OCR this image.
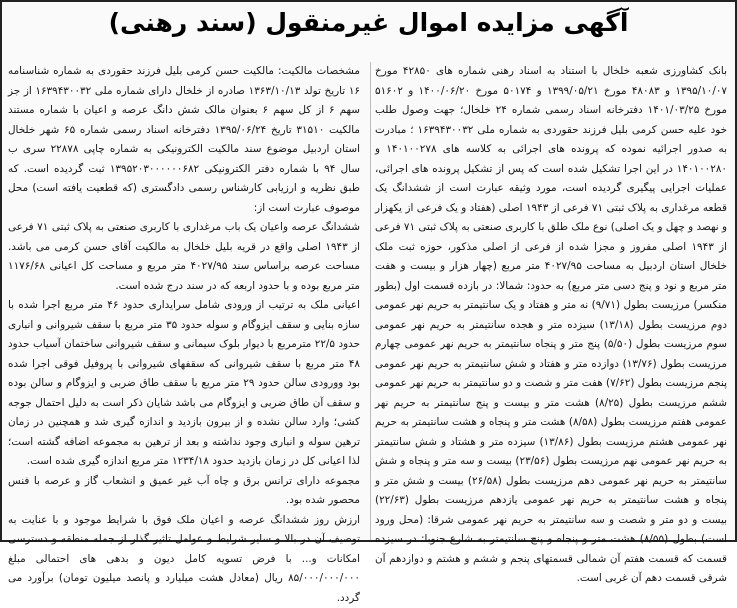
آگهی مزایده اموال غیرمنقول (سند رهنی)

بانک کشاورزی شعبه خلخال با استناد به اسناد رهنی شماره های ۴۲۸۵۰ مورخ ۱۳۹۵/۱۰/۰۷ و ۴۸۰۸۳ مورخ ۱۳۹۹/۰۵/۲۱ و ۵۰۱۷۴ مورخ ۱۴۰۰/۰۶/۲۰ و ۵۱۶۰۲ مورخ ۱۴۰۱/۰۳/۲۵ دفترخانه اسناد رسمی شماره ۲۴ خلخال؛ جهت وصول طلب خود علیه حسن کرمی بلیل فرزند حقوردی به شماره ملی ۱۶۳۹۴۳۰۰۳۲ ؛ مبادرت به صدور اجرائیه نموده که پرونده های اجرائی به کلاسه های ۱۴۰۱۰۰۲۷۸ و ۱۴۰۱۰۰۲۸۰ در این اجرا تشکیل شده است که پس از تشکیل پرونده های اجرائی، عملیات اجرایی پیگیری گردیده است، مورد وثیقه عبارت است از ششدانگ یک قطعه مرغداری به پلاک ثبتی ۷۱ فرعی از ۱۹۴۳ اصلی (هفتاد و یک فرعی از یکهزار و نهصد و چهل و یک اصلی) نوع ملک طلق با کاربری صنعتی به پلاک ثبتی ۷۱ فرعی از ۱۹۴۳ اصلی مفروز و مجزا شده از فرعی از اصلی مذکور، حوزه ثبت ملک خلخال استان اردبیل به مساحت ۴۰۲۷/۹۵ متر مربع (چهار هزار و بیست و هفت متر مربع و نود و پنج دسی متر مربع) به حدود: شمالا: در بازده قسمت اول (بطور منکسر) مرزیست بطول (۹/۷۱) نه متر و هفتاد و یک سانتیمتر به حریم نهر عمومی دوم مرزیست بطول (۱۳/۱۸) سیزده متر و هجده سانتیمتر به حریم نهر عمومی سوم مرزیست بطول (۵/۵۰) پنج متر و پنجاه سانتیمتر به حریم نهر عمومی چهارم مرزیست بطول (۱۳/۷۶) دوازده متر و هفتاد و شش سانتیمتر به حریم نهر عمومی پنجم مرزیست بطول (۷/۶۲) هفت متر و شصت و دو سانتیمتر به حریم نهر عمومی ششم مرزیست بطول (۸/۲۵) هشت متر و بیست و پنج سانتیمتر به حریم نهر عمومی هفتم مرزیست بطول (۸/۵۸) هشت متر و پنجاه و هشت سانتیمتر به حریم نهر عمومی هشتم مرزیست بطول (۱۳/۸۶) سیزده متر و هشتاد و شش سانتیمتر به حریم نهر عمومی نهم مرزیست بطول (۲۳/۵۶) بیست و سه متر و پنجاه و شش سانتیمتر به حریم نهر عمومی دهم مرزیست بطول (۲۶/۵۸) بیست و شش متر و پنجاه و هشت سانتیمتر به حریم نهر عمومی یازدهم مرزیست بطول (۲۲/۶۳) بیست و دو متر و شصت و سه سانتیمتر به حریم نهر عمومی شرقا: (محل ورود است) بطول (۸/۵۵) هشت متر و پنجاه و پنج سانتیمتر به شارع جنوبا: در سیزده قسمت که قسمت هفتم آن شمالی قسمتهای پنجم و ششم و هشتم و دوازدهم آن شرقی قسمت دهم آن غربی است.

مشخصات مالکیت: مالکیت حسن کرمی بلیل فرزند حقوردی به شماره شناسنامه ۱۶ تاریخ تولد ۱۳۶۳/۱۰/۱۳ صادره از خلخال دارای شماره ملی ۱۶۳۹۴۳۰۰۳۲ از جز سهم ۶ از کل سهم ۶ بعنوان مالک شش دانگ عرصه و اعیان با شماره مستند مالکیت ۳۱۵۱۰ تاریخ ۱۳۹۵/۰۶/۲۴ دفترخانه اسناد رسمی شماره ۶۵ شهر خلخال استان اردبیل موضوع سند مالکیت الکترونیکی به شماره چاپی ۲۲۸۷۸ سری ب سال ۹۴ با شماره دفتر الکترونیکی ۱۳۹۵۲۰۳۰۰۰۰۰۰۶۸۲ ثبت گردیده است. که طبق نظریه و ارزیابی کارشناس رسمی دادگستری (که قطعیت یافته است) محل موصوف عبارت است از:

ششدانگ عرصه واعیان یک باب مرغداری با کاربری صنعتی به پلاک ثبتی ۷۱ فرعی از ۱۹۴۳ اصلی واقع در قریه بلیل خلخال به مالکیت آقای حسن کرمی می باشد. مساحت عرصه براساس سند ۴۰۲۷/۹۵ متر مربع و مساحت کل اعیانی ۱۱۷۶/۶۸ متر مربع بوده و با حدود اربعه که در سند درج شده است.

اعیانی ملک به ترتیب از ورودی شامل سرایداری حدود ۴۶ متر مربع اجرا شده با سازه بنایی و سقف ایزوگام و سوله حدود ۳۵ متر مربع با سقف شیروانی و انباری حدود ۲۲/۵ مترمربع با دیوار بلوک سیمانی و سقف شیروانی ساختمان آسیاب حدود ۴۸ متر مربع با سقف شیروانی که سقفهای شیروانی با پروفیل فوقی اجرا شده بود وورودی سالن حدود ۲۹ متر مربع با سقف طاق ضربی و ایزوگام و سالن بوده و سقف آن طاق ضربی و ایزوگام می باشد شایان ذکر است به دلیل احتمال جوجه کشی؛ وارد سالن نشده و از بیرون بازدید و اندازه گیری شد و همچنین در زمان ترهین سوله و انباری وجود نداشته و بعد از ترهین به مجموعه اضافه گشته است؛ لذا اعیانی کل در زمان بازدید حدود ۱۲۳۴/۱۸ متر مربع اندازه گیری شده است.

مجموعه دارای ترانس برق و چاه آب غیر عمیق و انشعاب گاز و عرصه با فنس محصور شده بود.

ارزش روز ششدانگ عرصه و اعیان ملک فوق با شرایط موجود و با عنایت به توصیف آن در بالا و سایر شرایط و عوامل تاثیر گذار از جمله منطقه و دسترسی امکانات و... با فرض تسویه کامل دیون و بدهی های احتمالی مبلغ ۸۵/۰۰۰/۰۰۰/۰۰۰ ریال (معادل هشت میلیارد و پانصد میلیون تومان) برآورد می گردد.
